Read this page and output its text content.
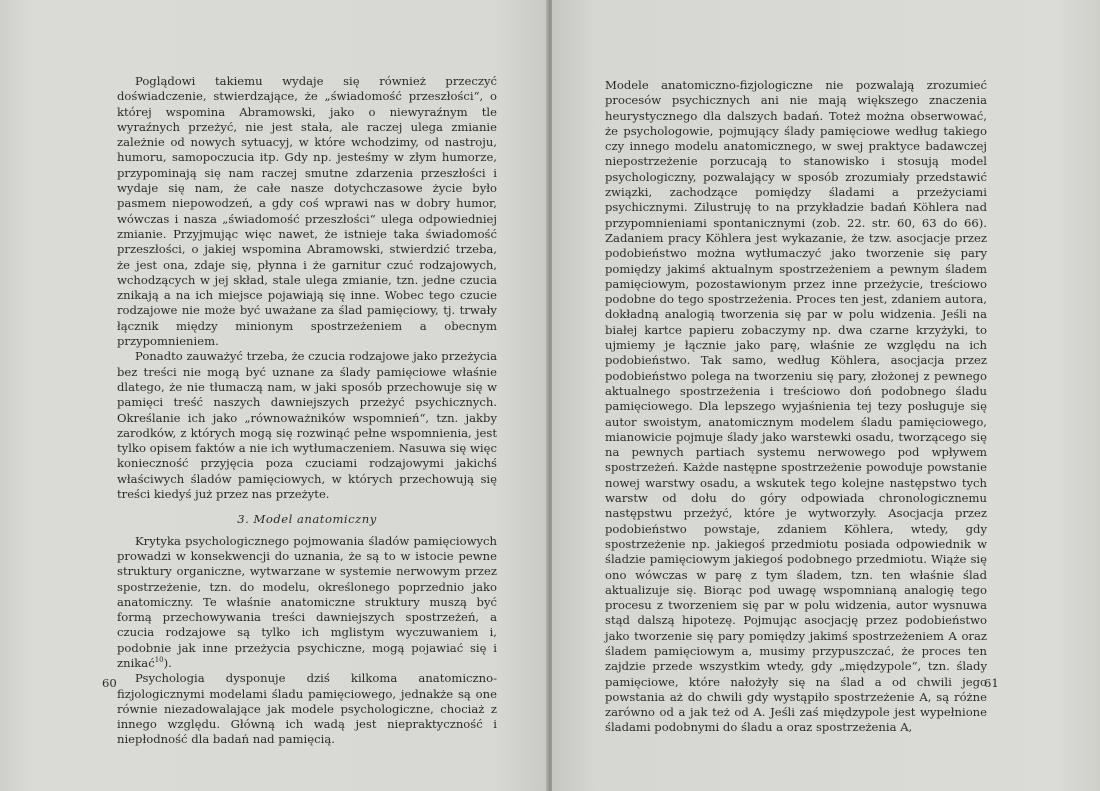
Poglądowi takiemu wydaje się również przeczyć doświadczenie, stwierdzające, że „świadomość przeszłości“, o której wspomina Abramowski, jako o niewyraźnym tle wyraźnych przeżyć, nie jest stała, ale raczej ulega zmianie zależnie od nowych sytuacyj, w które wchodzimy, od nastroju, humoru, samopoczucia itp. Gdy np. jesteśmy w złym humorze, przypominają się nam raczej smutne zdarzenia przeszłości i wydaje się nam, że całe nasze dotychczasowe życie było pasmem niepowodzeń, a gdy coś wprawi nas w dobry humor, wówczas i nasza „świadomość przeszłości“ ulega odpowiedniej zmianie. Przyjmując więc nawet, że istnieje taka świadomość przeszłości, o jakiej wspomina Abramowski, stwierdzić trzeba, że jest ona, zdaje się, płynna i że garnitur czuć rodzajowych, wchodzących w jej skład, stale ulega zmianie, tzn. jedne czucia znikają a na ich miejsce pojawiają się inne. Wobec tego czucie rodzajowe nie może być uważane za ślad pamięciowy, tj. trwały łącznik między minionym spostrzeżeniem a obecnym przypomnieniem.

Ponadto zauważyć trzeba, że czucia rodzajowe jako przeżycia bez treści nie mogą być uznane za ślady pamięciowe właśnie dlatego, że nie tłumaczą nam, w jaki sposób przechowuje się w pamięci treść naszych dawniejszych przeżyć psychicznych. Określanie ich jako „równoważników wspomnień“, tzn. jakby zarodków, z których mogą się rozwinąć pełne wspomnienia, jest tylko opisem faktów a nie ich wytłumaczeniem. Nasuwa się więc konieczność przyjęcia poza czuciami rodzajowymi jakichś właściwych śladów pamięciowych, w których przechowują się treści kiedyś już przez nas przeżyte.

3. Model anatomiczny

Krytyka psychologicznego pojmowania śladów pamięciowych prowadzi w konsekwencji do uznania, że są to w istocie pewne struktury organiczne, wytwarzane w systemie nerwowym przez spostrzeżenie, tzn. do modelu, określonego poprzednio jako anatomiczny. Te właśnie anatomiczne struktury muszą być formą przechowywania treści dawniejszych spostrzeżeń, a czucia rodzajowe są tylko ich mglistym wyczuwaniem i, podobnie jak inne przeżycia psychiczne, mogą pojawiać się i znikać$^{10}$).

Psychologia dysponuje dziś kilkoma anatomiczno-fizjologicznymi modelami śladu pamięciowego, jednakże są one równie niezadowalające jak modele psychologiczne, chociaż z innego względu. Główną ich wadą jest niepraktyczność i niepłodność dla badań nad pamięcią.

60

Modele anatomiczno-fizjologiczne nie pozwalają zrozumieć procesów psychicznych ani nie mają większego znaczenia heurystycznego dla dalszych badań. Toteż można obserwować, że psychologowie, pojmujący ślady pamięciowe według takiego czy innego modelu anatomicznego, w swej praktyce badawczej niepostrzeżenie porzucają to stanowisko i stosują model psychologiczny, pozwalający w sposób zrozumiały przedstawić związki, zachodzące pomiędzy śladami a przeżyciami psychicznymi. Zilustruję to na przykładzie badań Köhlera nad przypomnieniami spontanicznymi (zob. 22. str. 60, 63 do 66). Zadaniem pracy Köhlera jest wykazanie, że tzw. asocjacje przez podobieństwo można wytłumaczyć jako tworzenie się pary pomiędzy jakimś aktualnym spostrzeżeniem a pewnym śladem pamięciowym, pozostawionym przez inne przeżycie, treściowo podobne do tego spostrzeżenia. Proces ten jest, zdaniem autora, dokładną analogią tworzenia się par w polu widzenia. Jeśli na białej kartce papieru zobaczymy np. dwa czarne krzyżyki, to ujmiemy je łącznie jako parę, właśnie ze względu na ich podobieństwo. Tak samo, według Köhlera, asocjacja przez podobieństwo polega na tworzeniu się pary, złożonej z pewnego aktualnego spostrzeżenia i treściowo doń podobnego śladu pamięciowego. Dla lepszego wyjaśnienia tej tezy posługuje się autor swoistym, anatomicznym modelem śladu pamięciowego, mianowicie pojmuje ślady jako warstewki osadu, tworzącego się na pewnych partiach systemu nerwowego pod wpływem spostrzeżeń. Każde następne spostrzeżenie powoduje powstanie nowej warstwy osadu, a wskutek tego kolejne następstwo tych warstw od dołu do góry odpowiada chronologicznemu następstwu przeżyć, które je wytworzyły. Asocjacja przez podobieństwo powstaje, zdaniem Köhlera, wtedy, gdy spostrzeżenie np. jakiegoś przedmiotu posiada odpowiednik w śladzie pamięciowym jakiegoś podobnego przedmiotu. Wiąże się ono wówczas w parę z tym śladem, tzn. ten właśnie ślad aktualizuje się. Biorąc pod uwagę wspomnianą analogię tego procesu z tworzeniem się par w polu widzenia, autor wysnuwa stąd dalszą hipotezę. Pojmując asocjację przez podobieństwo jako tworzenie się pary pomiędzy jakimś spostrzeżeniem A oraz śladem pamięciowym a, musimy przypuszczać, że proces ten zajdzie przede wszystkim wtedy, gdy „międzypole“, tzn. ślady pamięciowe, które nałożyły się na ślad a od chwili jego powstania aż do chwili gdy wystąpiło spostrzeżenie A, są różne zarówno od a jak też od A. Jeśli zaś międzypole jest wypełnione śladami podobnymi do śladu a oraz spostrzeżenia A,

61
